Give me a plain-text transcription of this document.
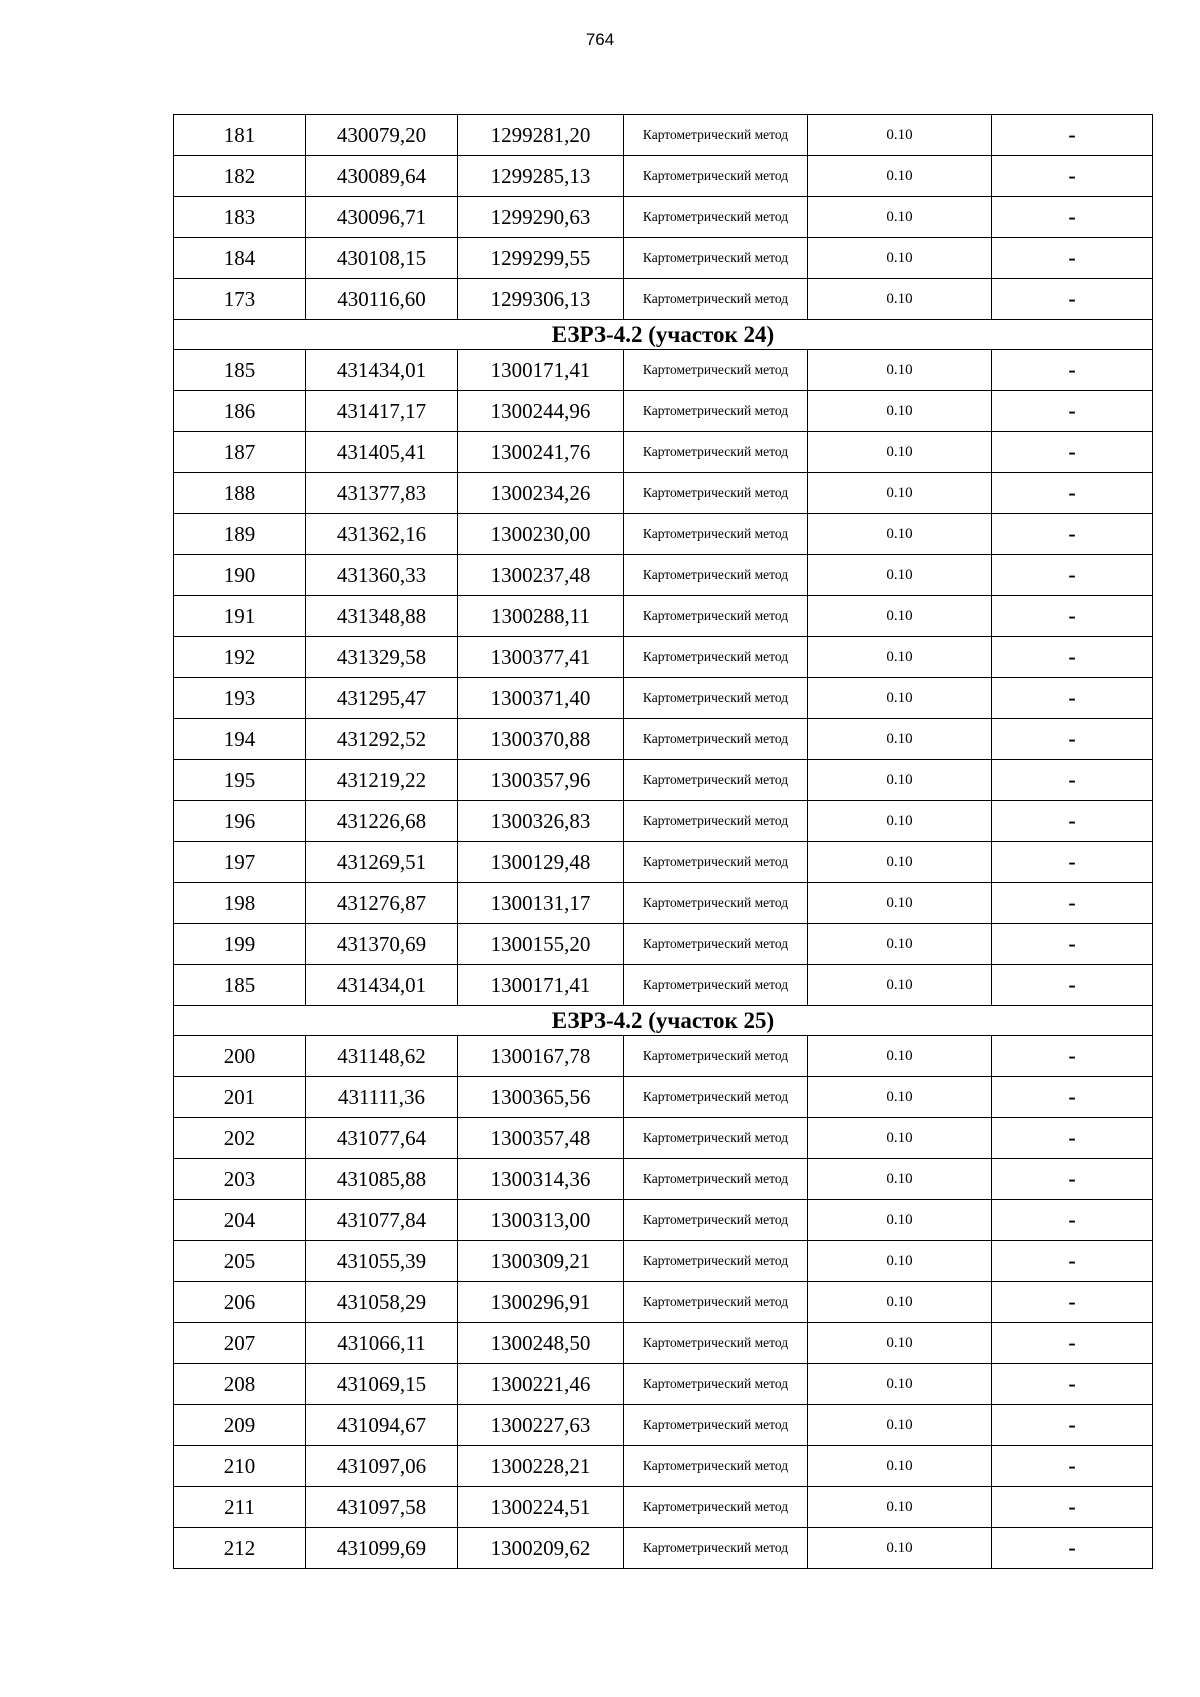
764
181	430079,20	1299281,20	Картометрический метод	0.10	-
182	430089,64	1299285,13	Картометрический метод	0.10	-
183	430096,71	1299290,63	Картометрический метод	0.10	-
184	430108,15	1299299,55	Картометрический метод	0.10	-
173	430116,60	1299306,13	Картометрический метод	0.10	-
ЕЗРЗ-4.2 (участок 24)					
185	431434,01	1300171,41	Картометрический метод	0.10	-
186	431417,17	1300244,96	Картометрический метод	0.10	-
187	431405,41	1300241,76	Картометрический метод	0.10	-
188	431377,83	1300234,26	Картометрический метод	0.10	-
189	431362,16	1300230,00	Картометрический метод	0.10	-
190	431360,33	1300237,48	Картометрический метод	0.10	-
191	431348,88	1300288,11	Картометрический метод	0.10	-
192	431329,58	1300377,41	Картометрический метод	0.10	-
193	431295,47	1300371,40	Картометрический метод	0.10	-
194	431292,52	1300370,88	Картометрический метод	0.10	-
195	431219,22	1300357,96	Картометрический метод	0.10	-
196	431226,68	1300326,83	Картометрический метод	0.10	-
197	431269,51	1300129,48	Картометрический метод	0.10	-
198	431276,87	1300131,17	Картометрический метод	0.10	-
199	431370,69	1300155,20	Картометрический метод	0.10	-
185	431434,01	1300171,41	Картометрический метод	0.10	-
ЕЗРЗ-4.2 (участок 25)					
200	431148,62	1300167,78	Картометрический метод	0.10	-
201	431111,36	1300365,56	Картометрический метод	0.10	-
202	431077,64	1300357,48	Картометрический метод	0.10	-
203	431085,88	1300314,36	Картометрический метод	0.10	-
204	431077,84	1300313,00	Картометрический метод	0.10	-
205	431055,39	1300309,21	Картометрический метод	0.10	-
206	431058,29	1300296,91	Картометрический метод	0.10	-
207	431066,11	1300248,50	Картометрический метод	0.10	-
208	431069,15	1300221,46	Картометрический метод	0.10	-
209	431094,67	1300227,63	Картометрический метод	0.10	-
210	431097,06	1300228,21	Картометрический метод	0.10	-
211	431097,58	1300224,51	Картометрический метод	0.10	-
212	431099,69	1300209,62	Картометрический метод	0.10	-
